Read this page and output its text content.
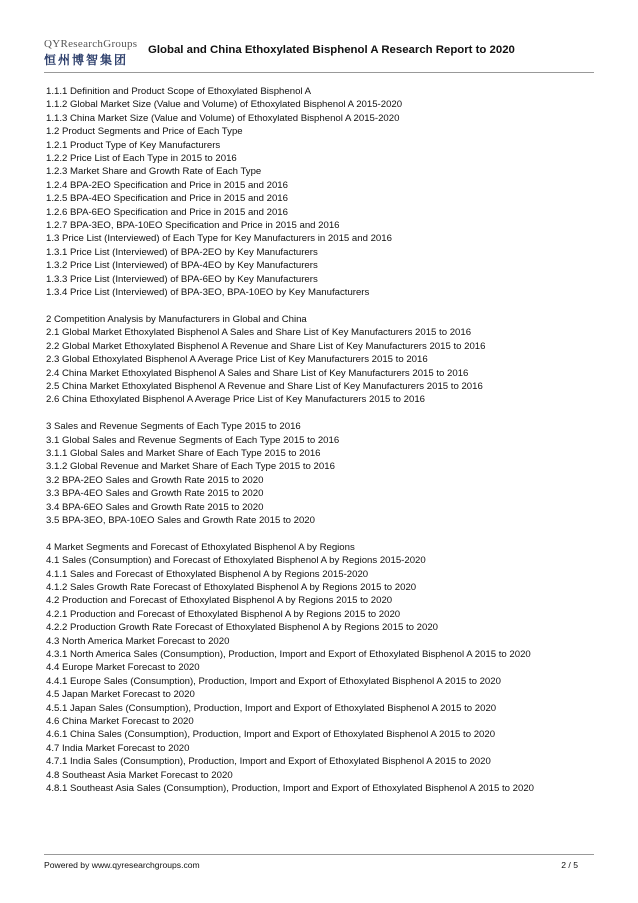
QYResearchGroups
恒州博智集团
Global and China Ethoxylated Bisphenol A Research Report to 2020
1.1.1 Definition and Product Scope of Ethoxylated Bisphenol A
1.1.2 Global Market Size (Value and Volume) of Ethoxylated Bisphenol A 2015-2020
1.1.3 China Market Size (Value and Volume) of Ethoxylated Bisphenol A 2015-2020
1.2 Product Segments and Price of Each Type
1.2.1 Product Type of Key Manufacturers
1.2.2 Price List of Each Type in 2015 to 2016
1.2.3 Market Share and Growth Rate of Each Type
1.2.4 BPA-2EO Specification and Price in 2015 and 2016
1.2.5 BPA-4EO Specification and Price in 2015 and 2016
1.2.6 BPA-6EO Specification and Price in 2015 and 2016
1.2.7 BPA-3EO, BPA-10EO Specification and Price in 2015 and 2016
1.3 Price List (Interviewed) of Each Type for Key Manufacturers in 2015 and 2016
1.3.1 Price List (Interviewed) of BPA-2EO by Key Manufacturers
1.3.2 Price List (Interviewed) of BPA-4EO by Key Manufacturers
1.3.3 Price List (Interviewed) of BPA-6EO by Key Manufacturers
1.3.4 Price List (Interviewed) of BPA-3EO, BPA-10EO by Key Manufacturers
2 Competition Analysis by Manufacturers in Global and China
2.1 Global Market Ethoxylated Bisphenol A Sales and Share List of Key Manufacturers 2015 to 2016
2.2 Global Market Ethoxylated Bisphenol A Revenue and Share List of Key Manufacturers 2015 to 2016
2.3 Global Ethoxylated Bisphenol A Average Price List of Key Manufacturers 2015 to 2016
2.4 China Market Ethoxylated Bisphenol A Sales and Share List of Key Manufacturers 2015 to 2016
2.5 China Market Ethoxylated Bisphenol A Revenue and Share List of Key Manufacturers 2015 to 2016
2.6 China Ethoxylated Bisphenol A Average Price List of Key Manufacturers 2015 to 2016
3 Sales and Revenue Segments of Each Type 2015 to 2016
3.1 Global Sales and Revenue Segments of Each Type 2015 to 2016
3.1.1 Global Sales and Market Share of Each Type 2015 to 2016
3.1.2 Global Revenue and Market Share of Each Type 2015 to 2016
3.2 BPA-2EO Sales and Growth Rate 2015 to 2020
3.3 BPA-4EO Sales and Growth Rate 2015 to 2020
3.4 BPA-6EO Sales and Growth Rate 2015 to 2020
3.5 BPA-3EO, BPA-10EO Sales and Growth Rate 2015 to 2020
4 Market Segments and Forecast of Ethoxylated Bisphenol A by Regions
4.1 Sales (Consumption) and Forecast of Ethoxylated Bisphenol A by Regions 2015-2020
4.1.1 Sales and Forecast of Ethoxylated Bisphenol A by Regions 2015-2020
4.1.2 Sales Growth Rate Forecast of Ethoxylated Bisphenol A by Regions 2015 to 2020
4.2 Production and Forecast of Ethoxylated Bisphenol A by Regions 2015 to 2020
4.2.1 Production and Forecast of Ethoxylated Bisphenol A by Regions 2015 to 2020
4.2.2 Production Growth Rate Forecast of Ethoxylated Bisphenol A by Regions 2015 to 2020
4.3 North America Market Forecast to 2020
4.3.1 North America Sales (Consumption), Production, Import and Export of Ethoxylated Bisphenol A 2015 to 2020
4.4 Europe Market Forecast to 2020
4.4.1 Europe Sales (Consumption), Production, Import and Export of Ethoxylated Bisphenol A 2015 to 2020
4.5 Japan Market Forecast to 2020
4.5.1 Japan Sales (Consumption), Production, Import and Export of Ethoxylated Bisphenol A 2015 to 2020
4.6 China Market Forecast to 2020
4.6.1 China Sales (Consumption), Production, Import and Export of Ethoxylated Bisphenol A 2015 to 2020
4.7 India Market Forecast to 2020
4.7.1 India Sales (Consumption), Production, Import and Export of Ethoxylated Bisphenol A 2015 to 2020
4.8 Southeast Asia Market Forecast to 2020
4.8.1 Southeast Asia Sales (Consumption), Production, Import and Export of Ethoxylated Bisphenol A 2015 to 2020
Powered by www.qyresearchgroups.com	2 / 5
